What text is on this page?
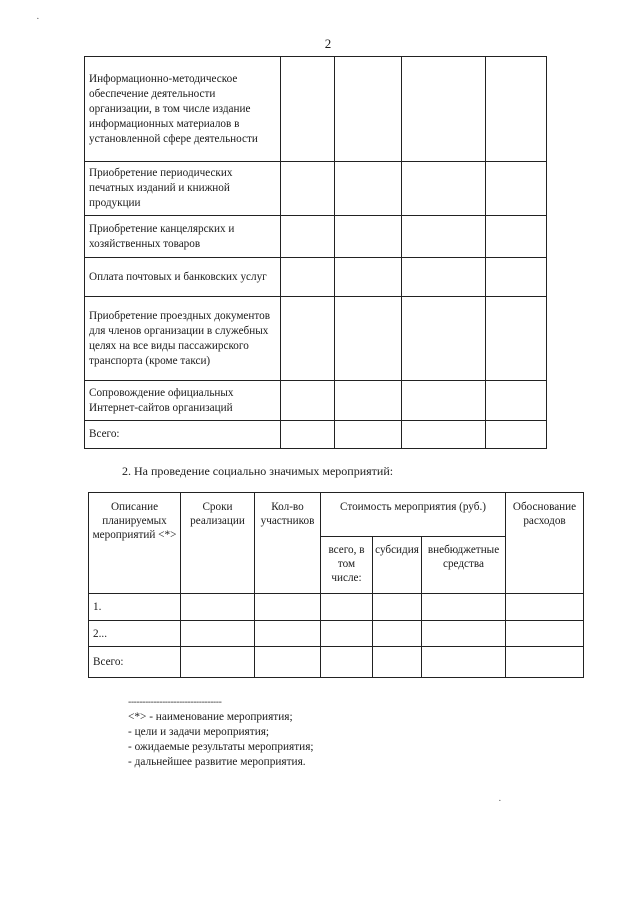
·
2
Информационно-методическое обеспечение деятельности организации, в том числе издание информационных материалов в установленной сфере деятельности				
Приобретение периодических печатных изданий и книжной продукции				
Приобретение канцелярских и хозяйственных товаров				
Оплата почтовых и банковских услуг				
Приобретение проездных документов для членов организации в служебных целях на все виды пассажирского транспорта (кроме такси)				
Сопровождение официальных Интернет-сайтов организаций				
Всего:				
2. На проведение социально значимых мероприятий:
Описание планируемых мероприятий <*>	Сроки реализации	Кол-во участников	Стоимость мероприятия (руб.)			Обоснование расходов
			всего, в том числе:	субсидия	внебюджетные средства	
1.						
2...						
Всего:						
---------------------------------
<*> - наименование мероприятия;
- цели и задачи мероприятия;
- ожидаемые результаты мероприятия;
- дальнейшее развитие мероприятия.
·
